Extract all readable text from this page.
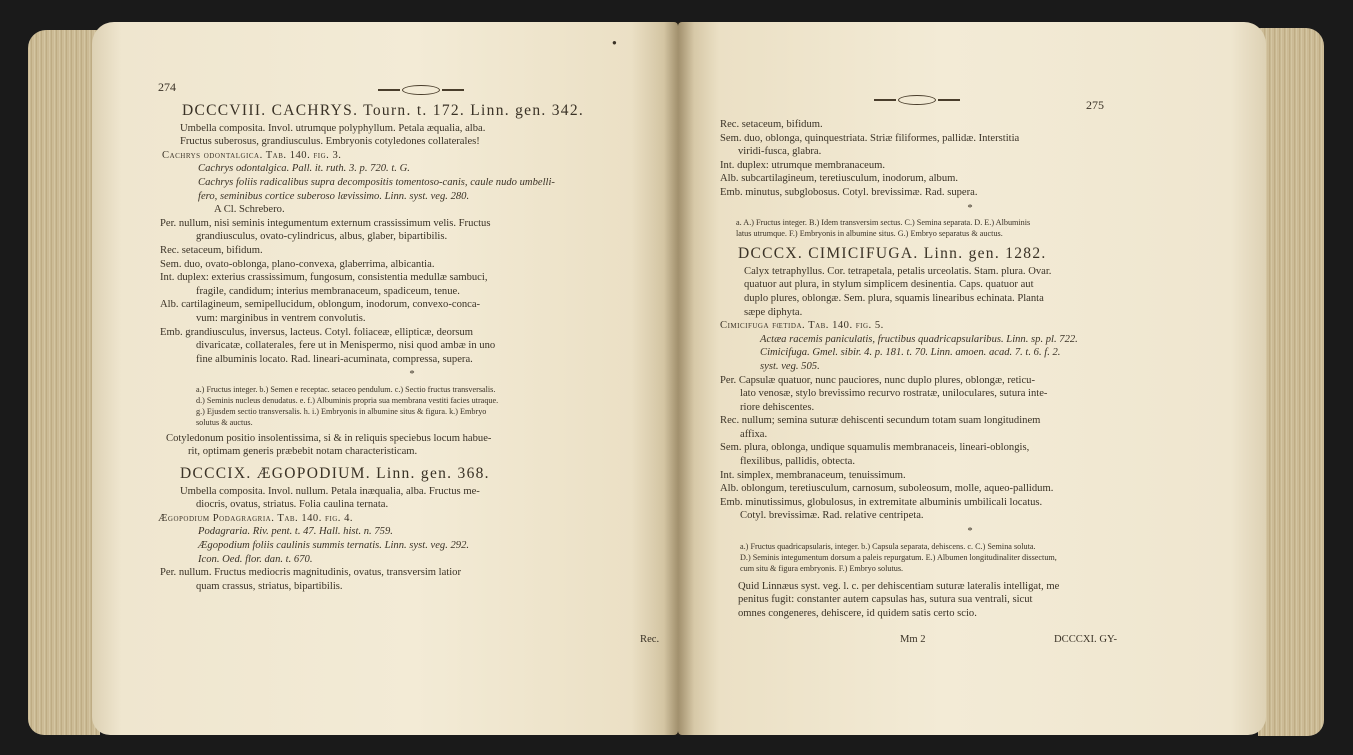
●
274
DCCCVIII. CACHRYS. Tourn. t. 172. Linn. gen. 342.

Umbella composita. Invol. utrumque polyphyllum. Petala æqualia, alba.

Fructus suberosus, grandiusculus. Embryonis cotyledones collaterales!

Cachrys odontalgica. Tab. 140. fig. 3.

Cachrys odontalgica. Pall. it. ruth. 3. p. 720. t. G.

Cachrys foliis radicalibus supra decompositis tomentoso-canis, caule nudo umbelli-

fero, seminibus cortice suberoso lævissimo. Linn. syst. veg. 280.

A Cl. Schrebero.

Per. nullum, nisi seminis integumentum externum crassissimum velis. Fructus

grandiusculus, ovato-cylindricus, albus, glaber, bipartibilis.

Rec. setaceum, bifidum.

Sem. duo, ovato-oblonga, plano-convexa, glaberrima, albicantia.

Int. duplex: exterius crassissimum, fungosum, consistentia medullæ sambuci,

fragile, candidum; interius membranaceum, spadiceum, tenue.

Alb. cartilagineum, semipellucidum, oblongum, inodorum, convexo-conca-

vum: marginibus in ventrem convolutis.

Emb. grandiusculus, inversus, lacteus. Cotyl. foliaceæ, ellipticæ, deorsum

divaricatæ, collaterales, fere ut in Menispermo, nisi quod ambæ in uno

fine albuminis locato. Rad. lineari-acuminata, compressa, supera.

*

a.) Fructus integer. b.) Semen e receptac. setaceo pendulum. c.) Sectio fructus transversalis.

d.) Seminis nucleus denudatus. e. f.) Albuminis propria sua membrana vestiti facies utraque.

g.) Ejusdem sectio transversalis. h. i.) Embryonis in albumine situs & figura. k.) Embryo

solutus & auctus.

Cotyledonum positio insolentissima, si & in reliquis speciebus locum habue-

rit, optimam generis præbebit notam characteristicam.

DCCCIX. ÆGOPODIUM. Linn. gen. 368.

Umbella composita. Invol. nullum. Petala inæqualia, alba. Fructus me-

diocris, ovatus, striatus. Folia caulina ternata.

Ægopodium Podagragria. Tab. 140. fig. 4.

Podagraria. Riv. pent. t. 47. Hall. hist. n. 759.

Ægopodium foliis caulinis summis ternatis. Linn. syst. veg. 292.

Icon. Oed. flor. dan. t. 670.

Per. nullum. Fructus mediocris magnitudinis, ovatus, transversim latior

quam crassus, striatus, bipartibilis.

Rec.
275

Rec. setaceum, bifidum.

Sem. duo, oblonga, quinquestriata. Striæ filiformes, pallidæ. Interstitia

viridi-fusca, glabra.

Int. duplex: utrumque membranaceum.

Alb. subcartilagineum, teretiusculum, inodorum, album.

Emb. minutus, subglobosus. Cotyl. brevissimæ. Rad. supera.

*

a. A.) Fructus integer. B.) Idem transversim sectus. C.) Semina separata. D. E.) Albuminis

latus utrumque. F.) Embryonis in albumine situs. G.) Embryo separatus & auctus.

DCCCX. CIMICIFUGA. Linn. gen. 1282.

Calyx tetraphyllus. Cor. tetrapetala, petalis urceolatis. Stam. plura. Ovar.

quatuor aut plura, in stylum simplicem desinentia. Caps. quatuor aut

duplo plures, oblongæ. Sem. plura, squamis linearibus echinata. Planta

sæpe diphyta.

Cimicifuga fœtida. Tab. 140. fig. 5.

Actæa racemis paniculatis, fructibus quadricapsularibus. Linn. sp. pl. 722.

Cimicifuga. Gmel. sibir. 4. p. 181. t. 70. Linn. amoen. acad. 7. t. 6. f. 2.

syst. veg. 505.

Per. Capsulæ quatuor, nunc pauciores, nunc duplo plures, oblongæ, reticu-

lato venosæ, stylo brevissimo recurvo rostratæ, uniloculares, sutura inte-

riore dehiscentes.

Rec. nullum; semina suturæ dehiscenti secundum totam suam longitudinem

affixa.

Sem. plura, oblonga, undique squamulis membranaceis, lineari-oblongis,

flexilibus, pallidis, obtecta.

Int. simplex, membranaceum, tenuissimum.

Alb. oblongum, teretiusculum, carnosum, suboleosum, molle, aqueo-pallidum.

Emb. minutissimus, globulosus, in extremitate albuminis umbilicali locatus.

Cotyl. brevissimæ. Rad. relative centripeta.

*

a.) Fructus quadricapsularis, integer. b.) Capsula separata, dehiscens. c. C.) Semina soluta.

D.) Seminis integumentum dorsum a paleis repurgatum. E.) Albumen longitudinaliter dissectum,

cum situ & figura embryonis. F.) Embryo solutus.

Quid Linnæus syst. veg. l. c. per dehiscentiam suturæ lateralis intelligat, me

penitus fugit: constanter autem capsulas has, sutura sua ventrali, sicut

omnes congeneres, dehiscere, id quidem satis certo scio.

Mm 2	DCCCXI. GY-
